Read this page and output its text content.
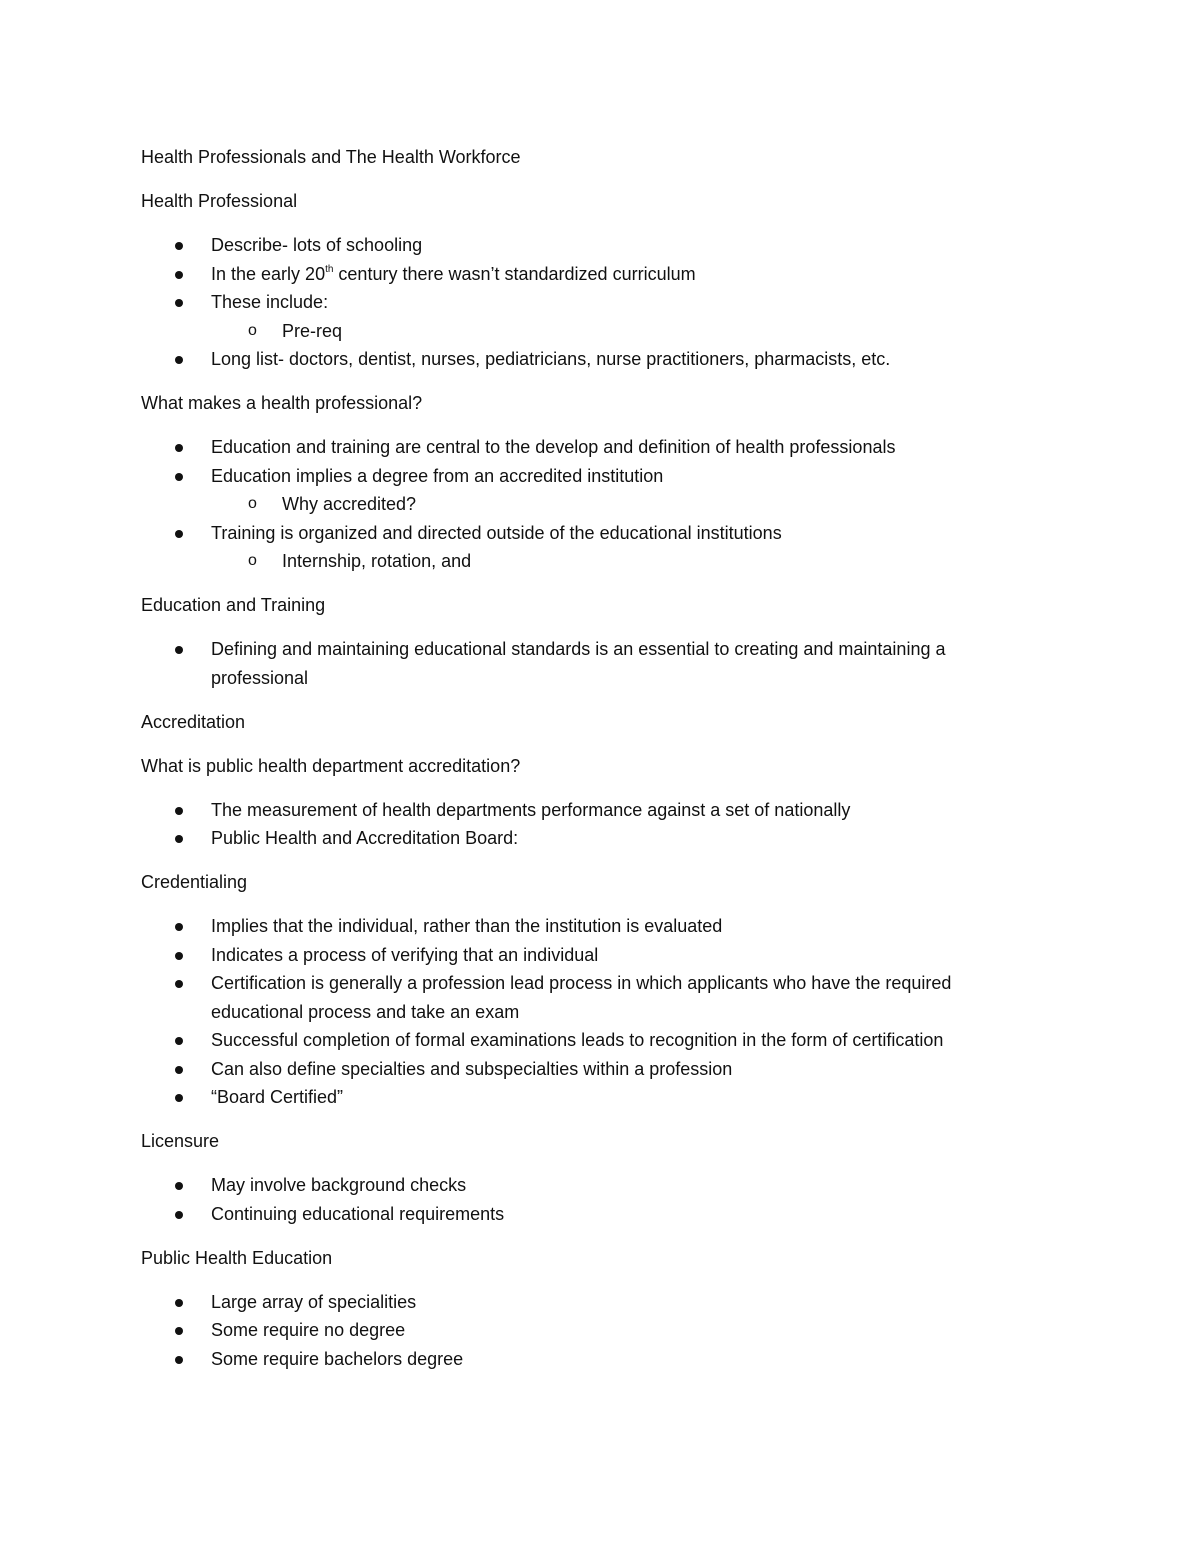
Health Professionals and The Health Workforce

Health Professional

Describe- lots of schooling
In the early 20th century there wasn’t standardized curriculum
These include:
o Pre-req
Long list- doctors, dentist, nurses, pediatricians, nurse practitioners, pharmacists, etc.

What makes a health professional?

Education and training are central to the develop and definition of health professionals
Education implies a degree from an accredited institution
o Why accredited?
Training is organized and directed outside of the educational institutions
o Internship, rotation, and

Education and Training

Defining and maintaining educational standards is an essential to creating and maintaining a professional

Accreditation

What is public health department accreditation?

The measurement of health departments performance against a set of nationally
Public Health and Accreditation Board:

Credentialing

Implies that the individual, rather than the institution is evaluated
Indicates a process of verifying that an individual
Certification is generally a profession lead process in which applicants who have the required educational process and take an exam
Successful completion of formal examinations leads to recognition in the form of certification
Can also define specialties and subspecialties within a profession
“Board Certified”

Licensure

May involve background checks
Continuing educational requirements

Public Health Education

Large array of specialities
Some require no degree
Some require bachelors degree
